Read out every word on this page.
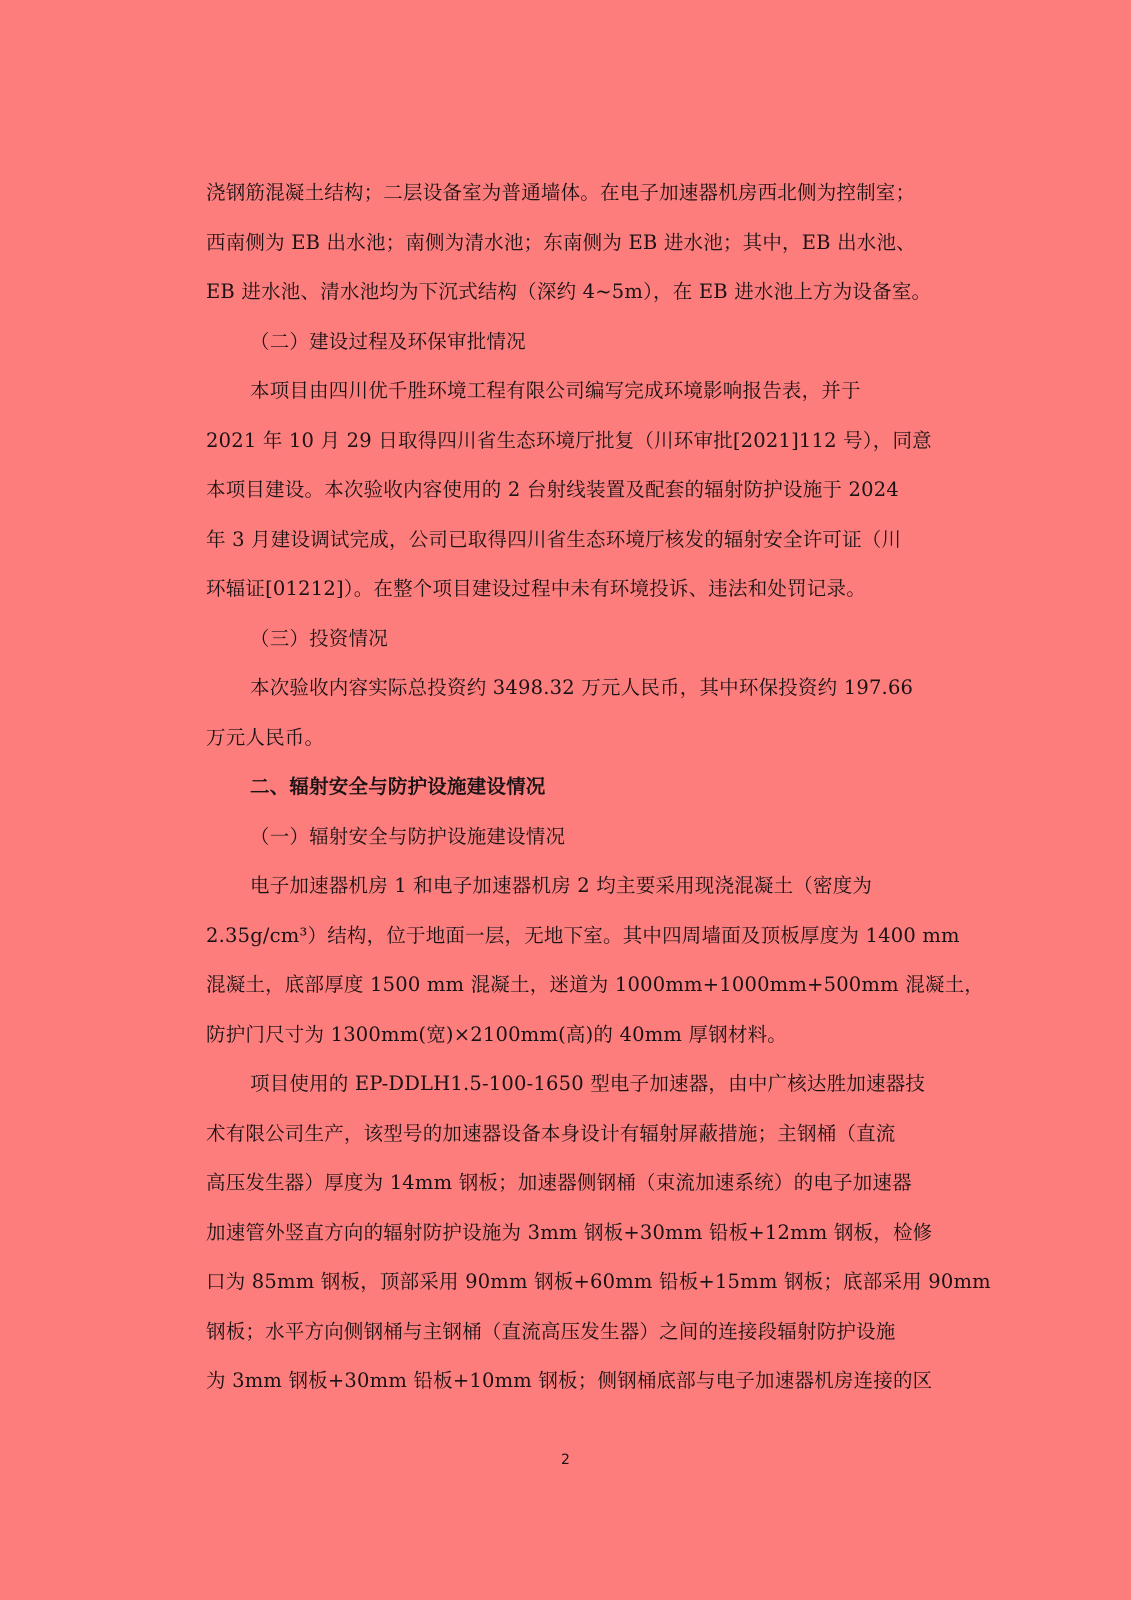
浇钢筋混凝土结构；二层设备室为普通墙体。在电子加速器机房西北侧为控制室；
西南侧为 EB 出水池；南侧为清水池；东南侧为 EB 进水池；其中，EB 出水池、
EB 进水池、清水池均为下沉式结构（深约 4~5m），在 EB 进水池上方为设备室。
（二）建设过程及环保审批情况
本项目由四川优千胜环境工程有限公司编写完成环境影响报告表，并于
2021 年 10 月 29 日取得四川省生态环境厅批复（川环审批[2021]112 号），同意
本项目建设。本次验收内容使用的 2 台射线装置及配套的辐射防护设施于 2024
年 3 月建设调试完成，公司已取得四川省生态环境厅核发的辐射安全许可证（川
环辐证[01212]）。在整个项目建设过程中未有环境投诉、违法和处罚记录。
（三）投资情况
本次验收内容实际总投资约 3498.32 万元人民币，其中环保投资约 197.66
万元人民币。
二、辐射安全与防护设施建设情况
（一）辐射安全与防护设施建设情况
电子加速器机房 1 和电子加速器机房 2 均主要采用现浇混凝土（密度为
2.35g/cm³）结构，位于地面一层，无地下室。其中四周墙面及顶板厚度为 1400 mm
混凝土，底部厚度 1500 mm 混凝土，迷道为 1000mm+1000mm+500mm 混凝土，
防护门尺寸为 1300mm(宽)×2100mm(高)的 40mm 厚钢材料。
项目使用的 EP-DDLH1.5-100-1650 型电子加速器，由中广核达胜加速器技
术有限公司生产，该型号的加速器设备本身设计有辐射屏蔽措施；主钢桶（直流
高压发生器）厚度为 14mm 钢板；加速器侧钢桶（束流加速系统）的电子加速器
加速管外竖直方向的辐射防护设施为 3mm 钢板+30mm 铅板+12mm 钢板，检修
口为 85mm 钢板，顶部采用 90mm 钢板+60mm 铅板+15mm 钢板；底部采用 90mm
钢板；水平方向侧钢桶与主钢桶（直流高压发生器）之间的连接段辐射防护设施
为 3mm 钢板+30mm 铅板+10mm 钢板；侧钢桶底部与电子加速器机房连接的区
2
